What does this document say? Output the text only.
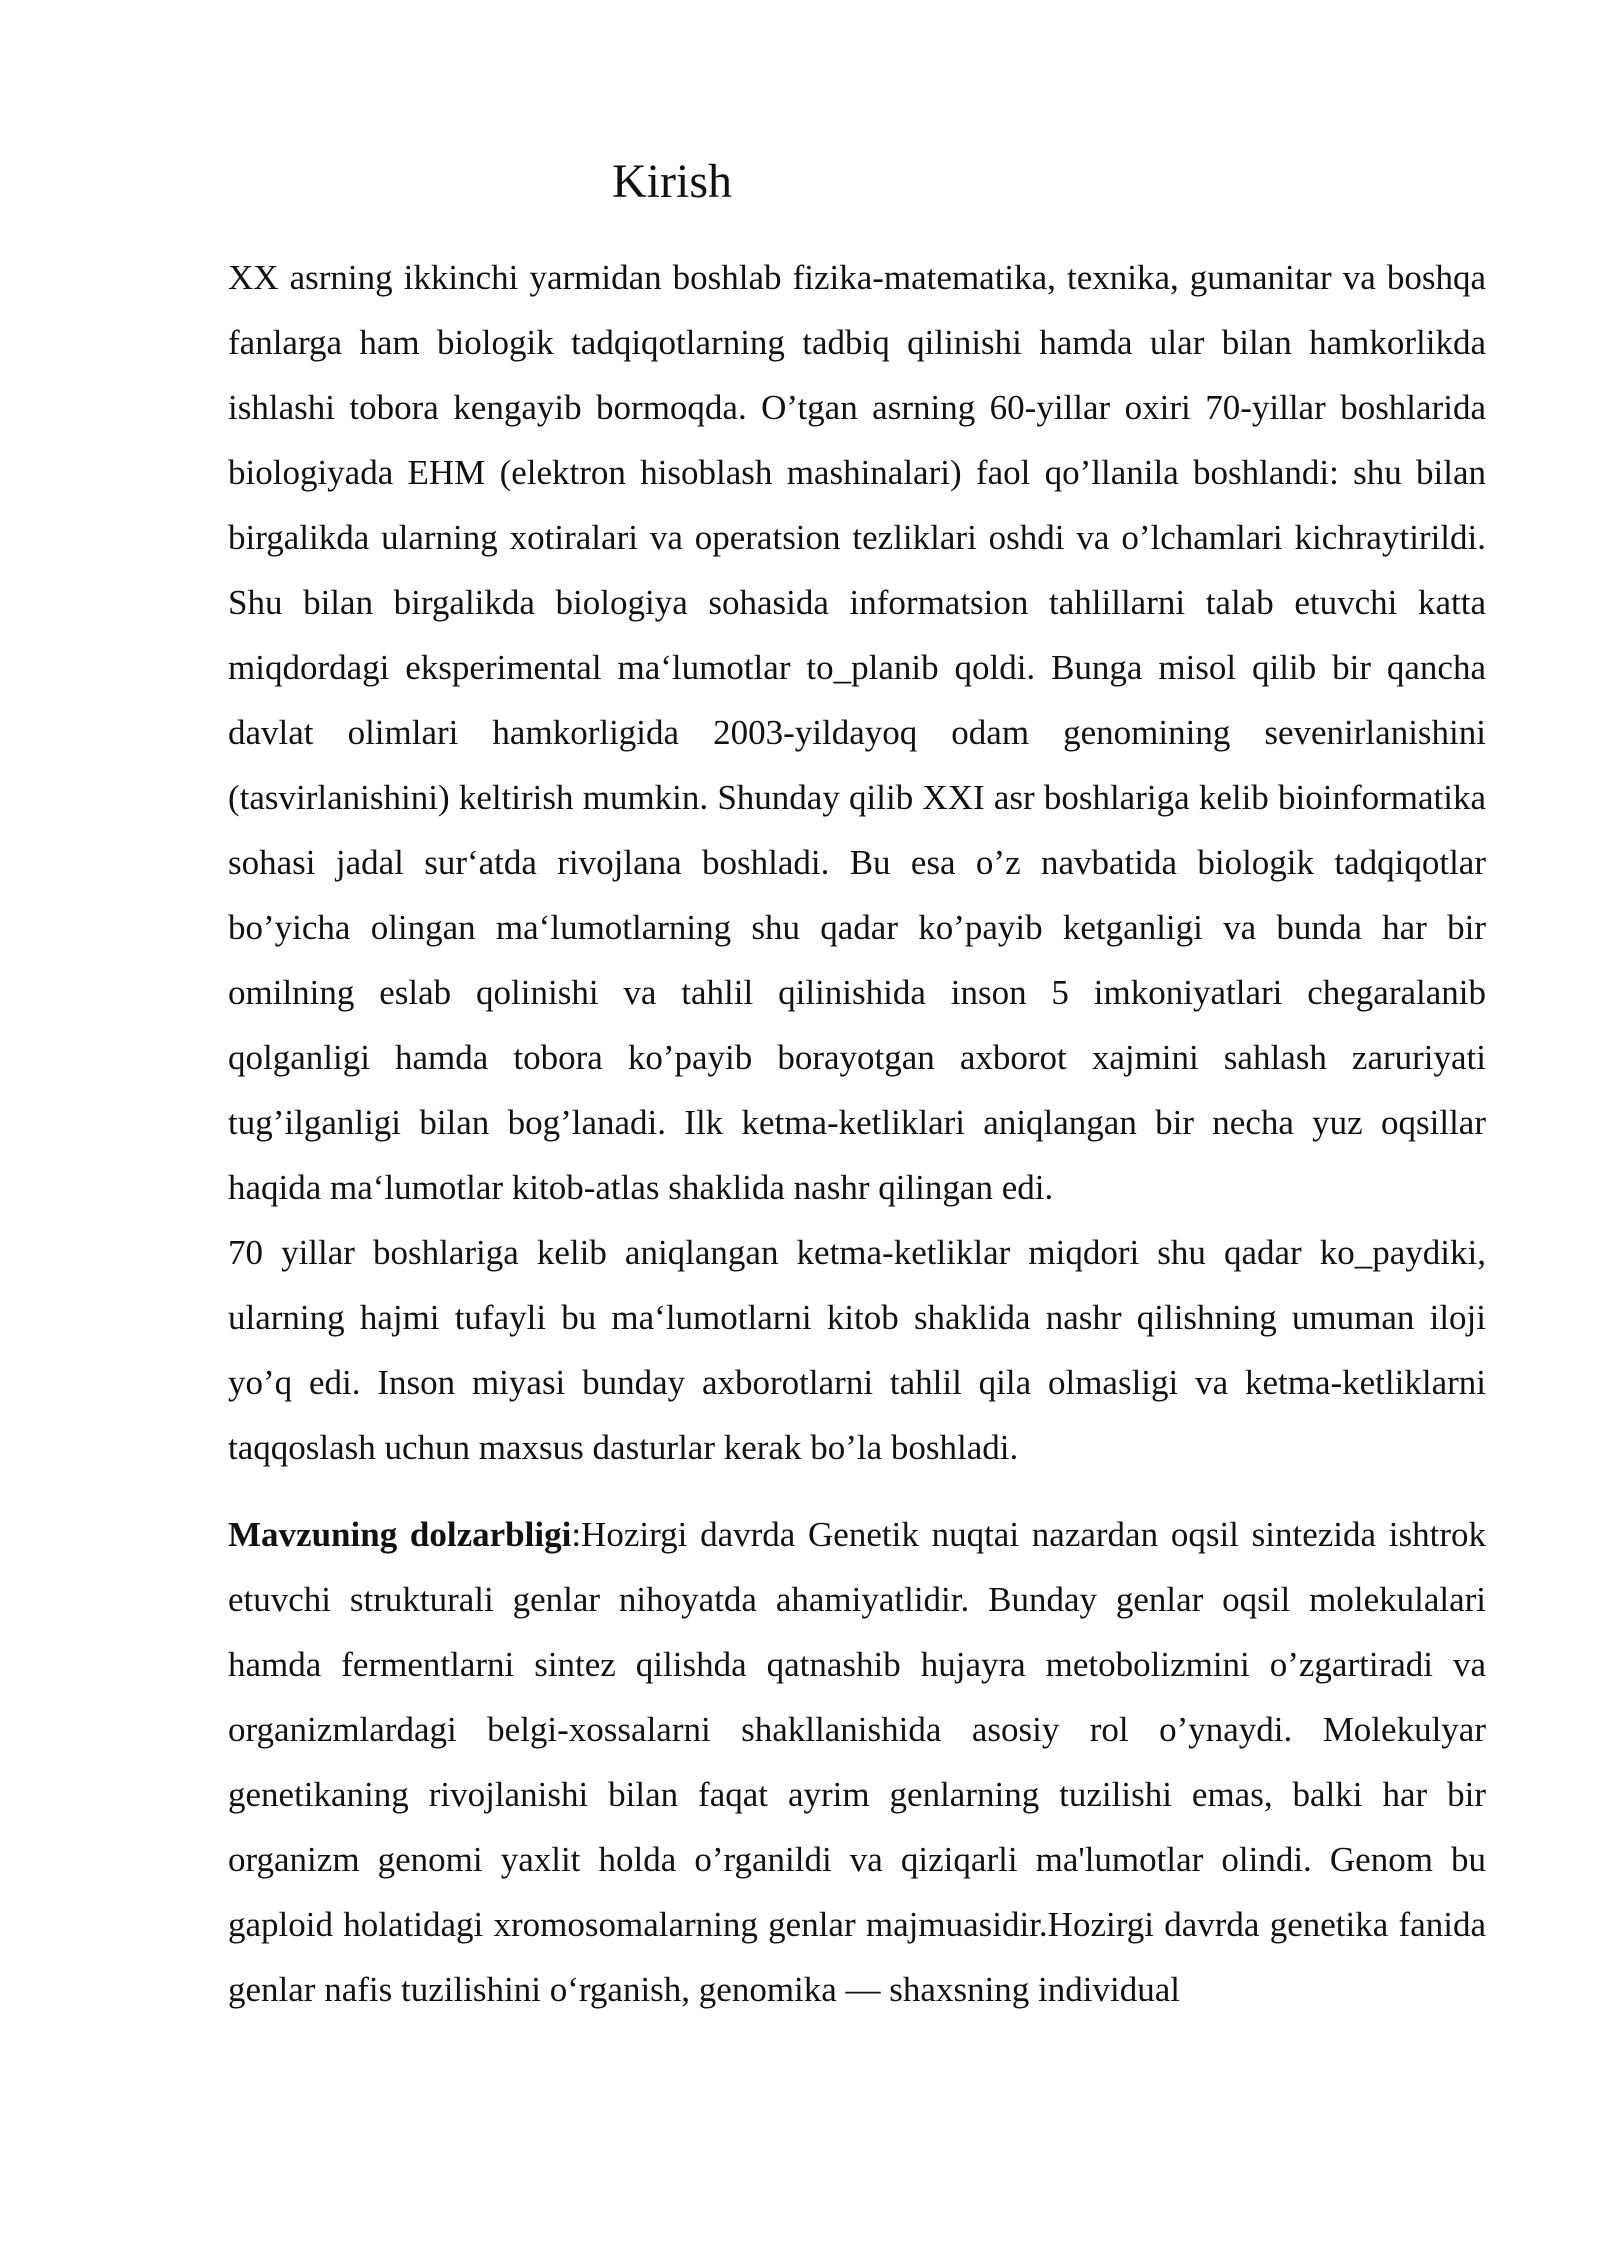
Kirish

XX asrning ikkinchi yarmidan boshlab fizika-matematika, texnika, gumanitar va boshqa fanlarga ham biologik tadqiqotlarning tadbiq qilinishi hamda ular bilan hamkorlikda ishlashi tobora kengayib bormoqda. O’tgan asrning 60-yillar oxiri 70-yillar boshlarida biologiyada EHM (elektron hisoblash mashinalari) faol qo’llanila boshlandi: shu bilan birgalikda ularning xotiralari va operatsion tezliklari oshdi va o’lchamlari kichraytirildi. Shu bilan birgalikda biologiya sohasida informatsion tahlillarni talab etuvchi katta miqdordagi eksperimental ma‘lumotlar to_planib qoldi. Bunga misol qilib bir qancha davlat olimlari hamkorligida 2003-yildayoq odam genomining sevenirlanishini (tasvirlanishini) keltirish mumkin. Shunday qilib XXI asr boshlariga kelib bioinformatika sohasi jadal sur‘atda rivojlana boshladi. Bu esa o’z navbatida biologik tadqiqotlar bo’yicha olingan ma‘lumotlarning shu qadar ko’payib ketganligi va bunda har bir omilning eslab qolinishi va tahlil qilinishida inson 5 imkoniyatlari chegaralanib qolganligi hamda tobora ko’payib borayotgan axborot xajmini sahlash zaruriyati tug’ilganligi bilan bog’lanadi. Ilk ketma-ketliklari aniqlangan bir necha yuz oqsillar haqida ma‘lumotlar kitob-atlas shaklida nashr qilingan edi.

70 yillar boshlariga kelib aniqlangan ketma-ketliklar miqdori shu qadar ko_paydiki, ularning hajmi tufayli bu ma‘lumotlarni kitob shaklida nashr qilishning umuman iloji yo’q edi. Inson miyasi bunday axborotlarni tahlil qila olmasligi va ketma-ketliklarni taqqoslash uchun maxsus dasturlar kerak bo’la boshladi.

Mavzuning dolzarbligi:Hozirgi davrda Genetik nuqtai nazardan oqsil sintezida ishtrok etuvchi strukturali genlar nihoyatda ahamiyatlidir. Bunday genlar oqsil molekulalari hamda fermentlarni sintez qilishda qatnashib hujayra metobolizmini o’zgartiradi va organizmlardagi belgi-xossalarni shakllanishida asosiy rol o’ynaydi. Molekulyar genetikaning rivojlanishi bilan faqat ayrim genlarning tuzilishi emas, balki har bir organizm genomi yaxlit holda o’rganildi va qiziqarli ma'lumotlar olindi. Genom bu gaploid holatidagi xromosomalarning genlar majmuasidir.Hozirgi davrda genetika fanida genlar nafis tuzilishini o‘rganish, genomika — shaxsning individual
